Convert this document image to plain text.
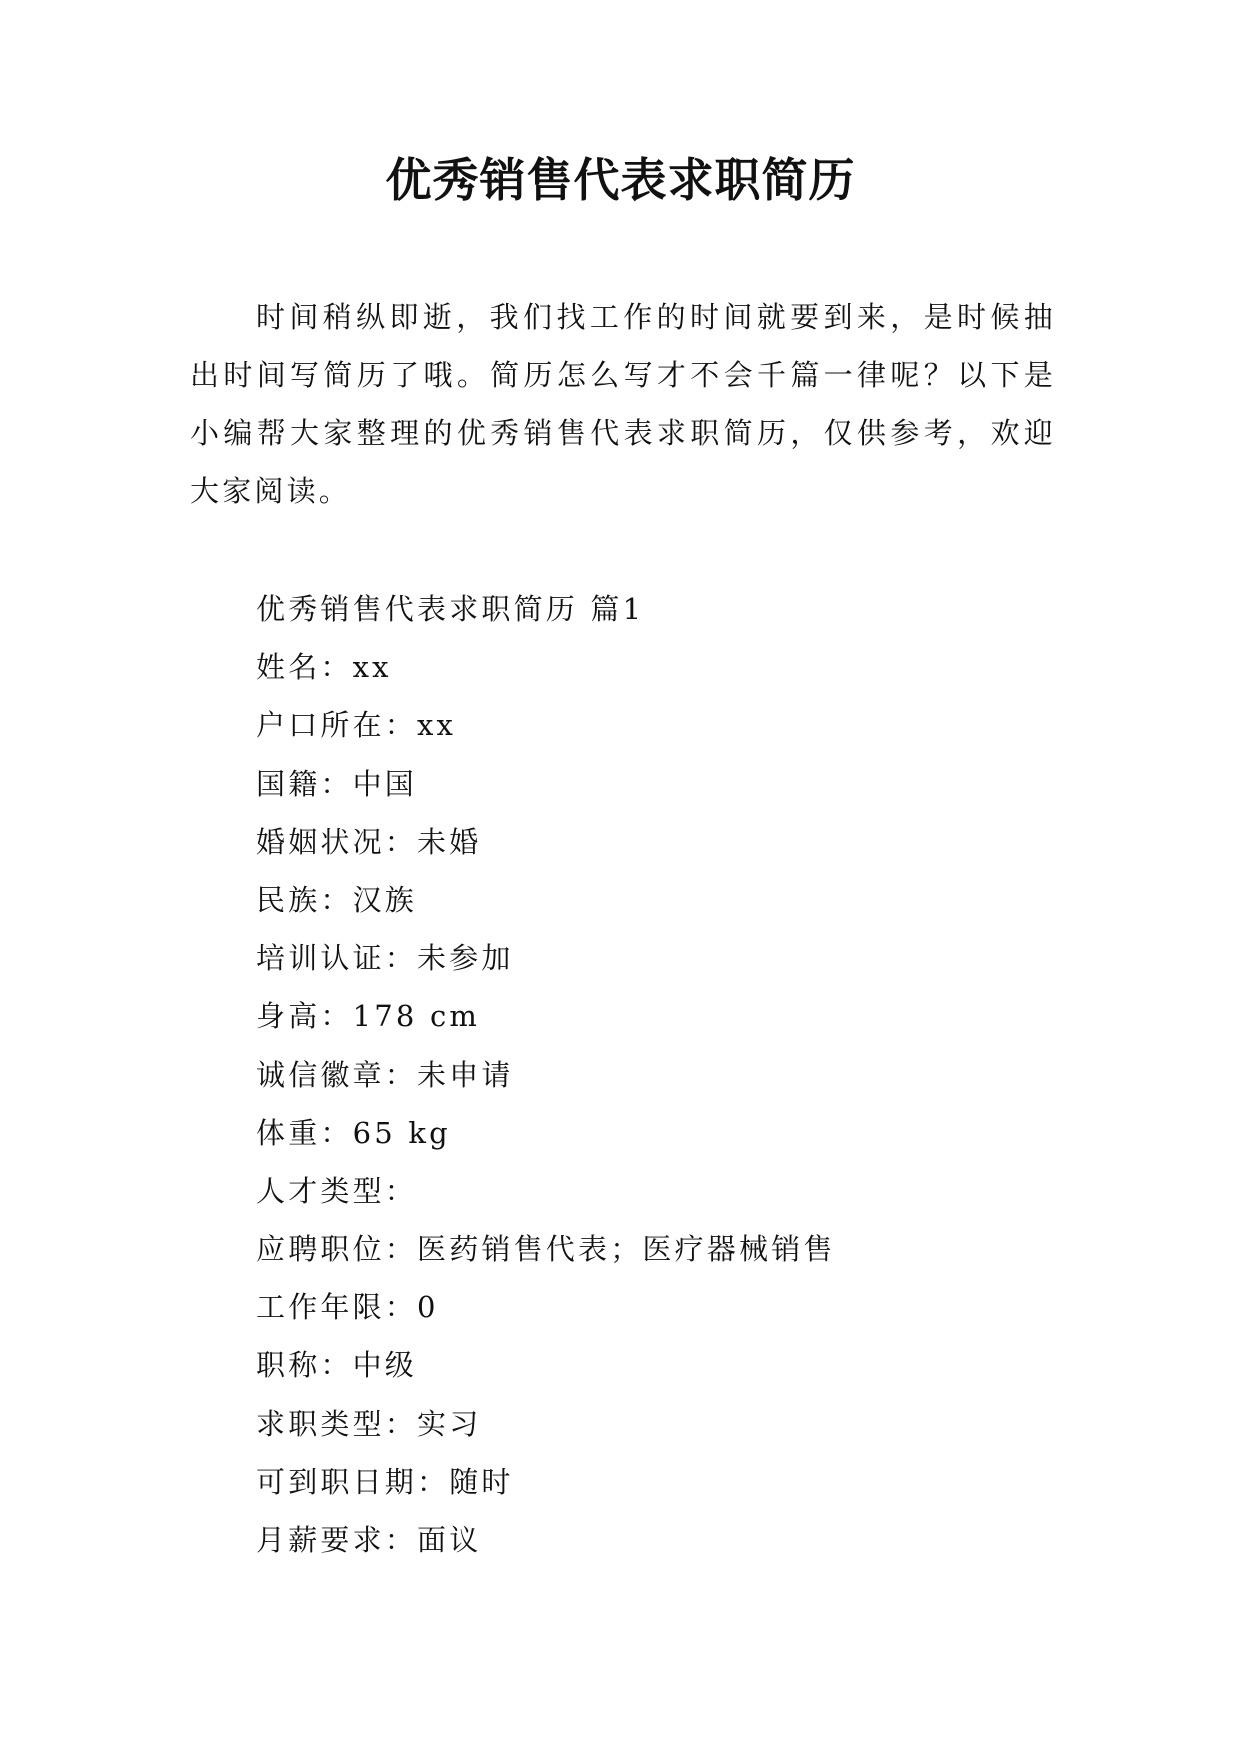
优秀销售代表求职简历

时间稍纵即逝，我们找工作的时间就要到来，是时候抽出时间写简历了哦。简历怎么写才不会千篇一律呢？以下是小编帮大家整理的优秀销售代表求职简历，仅供参考，欢迎大家阅读。

优秀销售代表求职简历 篇1
姓名：xx
户口所在：xx
国籍：中国
婚姻状况：未婚
民族：汉族
培训认证：未参加
身高：178 cm
诚信徽章：未申请
体重：65 kg
人才类型：
应聘职位：医药销售代表；医疗器械销售
工作年限：0
职称：中级
求职类型：实习
可到职日期：随时
月薪要求：面议
